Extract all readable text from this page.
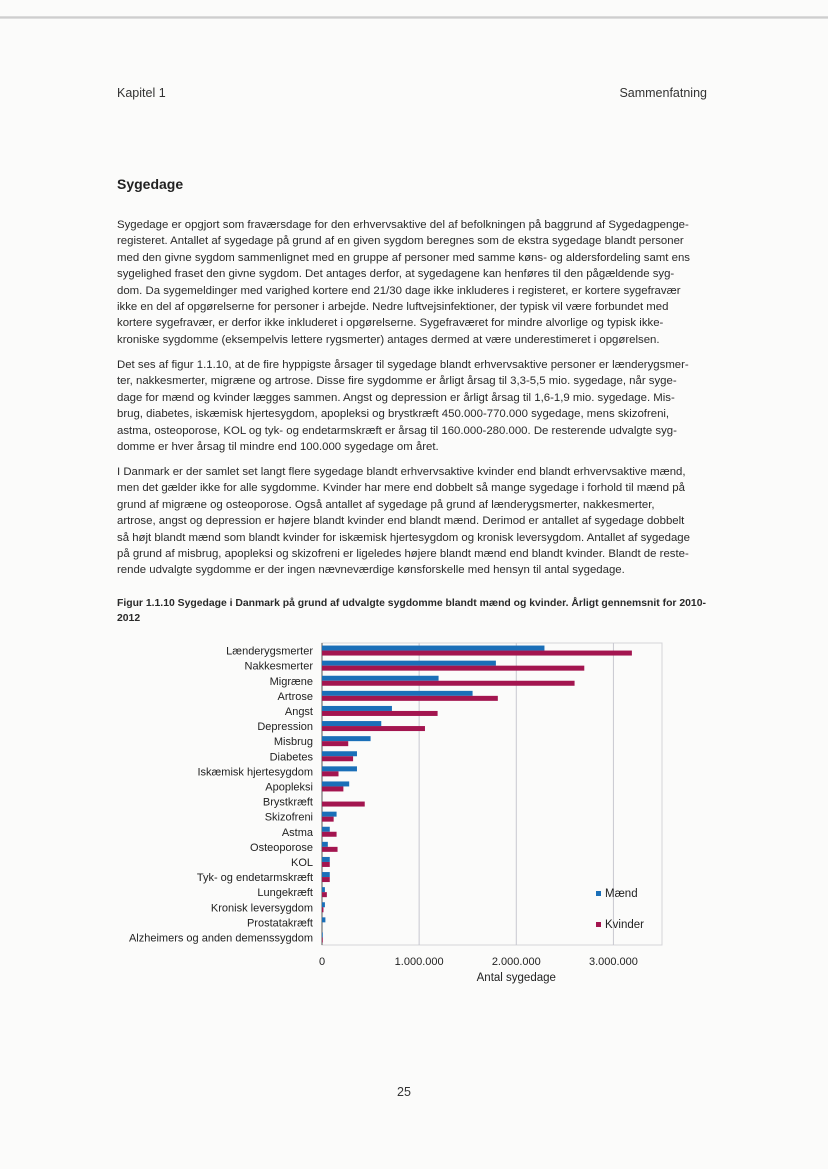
Kapitel 1	Sammenfatning
Sygedage
Sygedage er opgjort som fraværsdage for den erhvervsaktive del af befolkningen på baggrund af Sygedagpenge-
registeret. Antallet af sygedage på grund af en given sygdom beregnes som de ekstra sygedage blandt personer
med den givne sygdom sammenlignet med en gruppe af personer med samme køns- og aldersfordeling samt ens
sygelighed fraset den givne sygdom. Det antages derfor, at sygedagene kan henføres til den pågældende syg-
dom. Da sygemeldinger med varighed kortere end 21/30 dage ikke inkluderes i registeret, er kortere sygefravær
ikke en del af opgørelserne for personer i arbejde. Nedre luftvejsinfektioner, der typisk vil være forbundet med
kortere sygefravær, er derfor ikke inkluderet i opgørelserne. Sygefraværet for mindre alvorlige og typisk ikke-
kroniske sygdomme (eksempelvis lettere rygsmerter) antages dermed at være underestimeret i opgørelsen.
Det ses af figur 1.1.10, at de fire hyppigste årsager til sygedage blandt erhvervsaktive personer er lænderygsmer-
ter, nakkesmerter, migræne og artrose. Disse fire sygdomme er årligt årsag til 3,3-5,5 mio. sygedage, når syge-
dage for mænd og kvinder lægges sammen. Angst og depression er årligt årsag til 1,6-1,9 mio. sygedage. Mis-
brug, diabetes, iskæmisk hjertesygdom, apopleksi og brystkræft 450.000-770.000 sygedage, mens skizofreni,
astma, osteoporose, KOL og tyk- og endetarmskræft er årsag til 160.000-280.000. De resterende udvalgte syg-
domme er hver årsag til mindre end 100.000 sygedage om året.
I Danmark er der samlet set langt flere sygedage blandt erhvervsaktive kvinder end blandt erhvervsaktive mænd,
men det gælder ikke for alle sygdomme. Kvinder har mere end dobbelt så mange sygedage i forhold til mænd på
grund af migræne og osteoporose. Også antallet af sygedage på grund af lænderygsmerter, nakkesmerter,
artrose, angst og depression er højere blandt kvinder end blandt mænd. Derimod er antallet af sygedage dobbelt
så højt blandt mænd som blandt kvinder for iskæmisk hjertesygdom og kronisk leversygdom. Antallet af sygedage
på grund af misbrug, apopleksi og skizofreni er ligeledes højere blandt mænd end blandt kvinder. Blandt de reste-
rende udvalgte sygdomme er der ingen nævneværdige kønsforskelle med hensyn til antal sygedage.
Figur 1.1.10 Sygedage i Danmark på grund af udvalgte sygdomme blandt mænd og kvinder. Årligt gennemsnit for 2010-
2012
0	1.000.000	2.000.000	3.000.000
Antal sygedage
Lænderygsmerter
Nakkesmerter
Migræne
Artrose
Angst
Depression
Misbrug
Diabetes
Iskæmisk hjertesygdom
Apopleksi
Brystkræft
Skizofreni
Astma
Osteoporose
KOL
Tyk- og endetarmskræft
Lungekræft
Kronisk leversygdom
Prostatakræft
Alzheimers og anden demenssygdom
Mænd
Kvinder
25
